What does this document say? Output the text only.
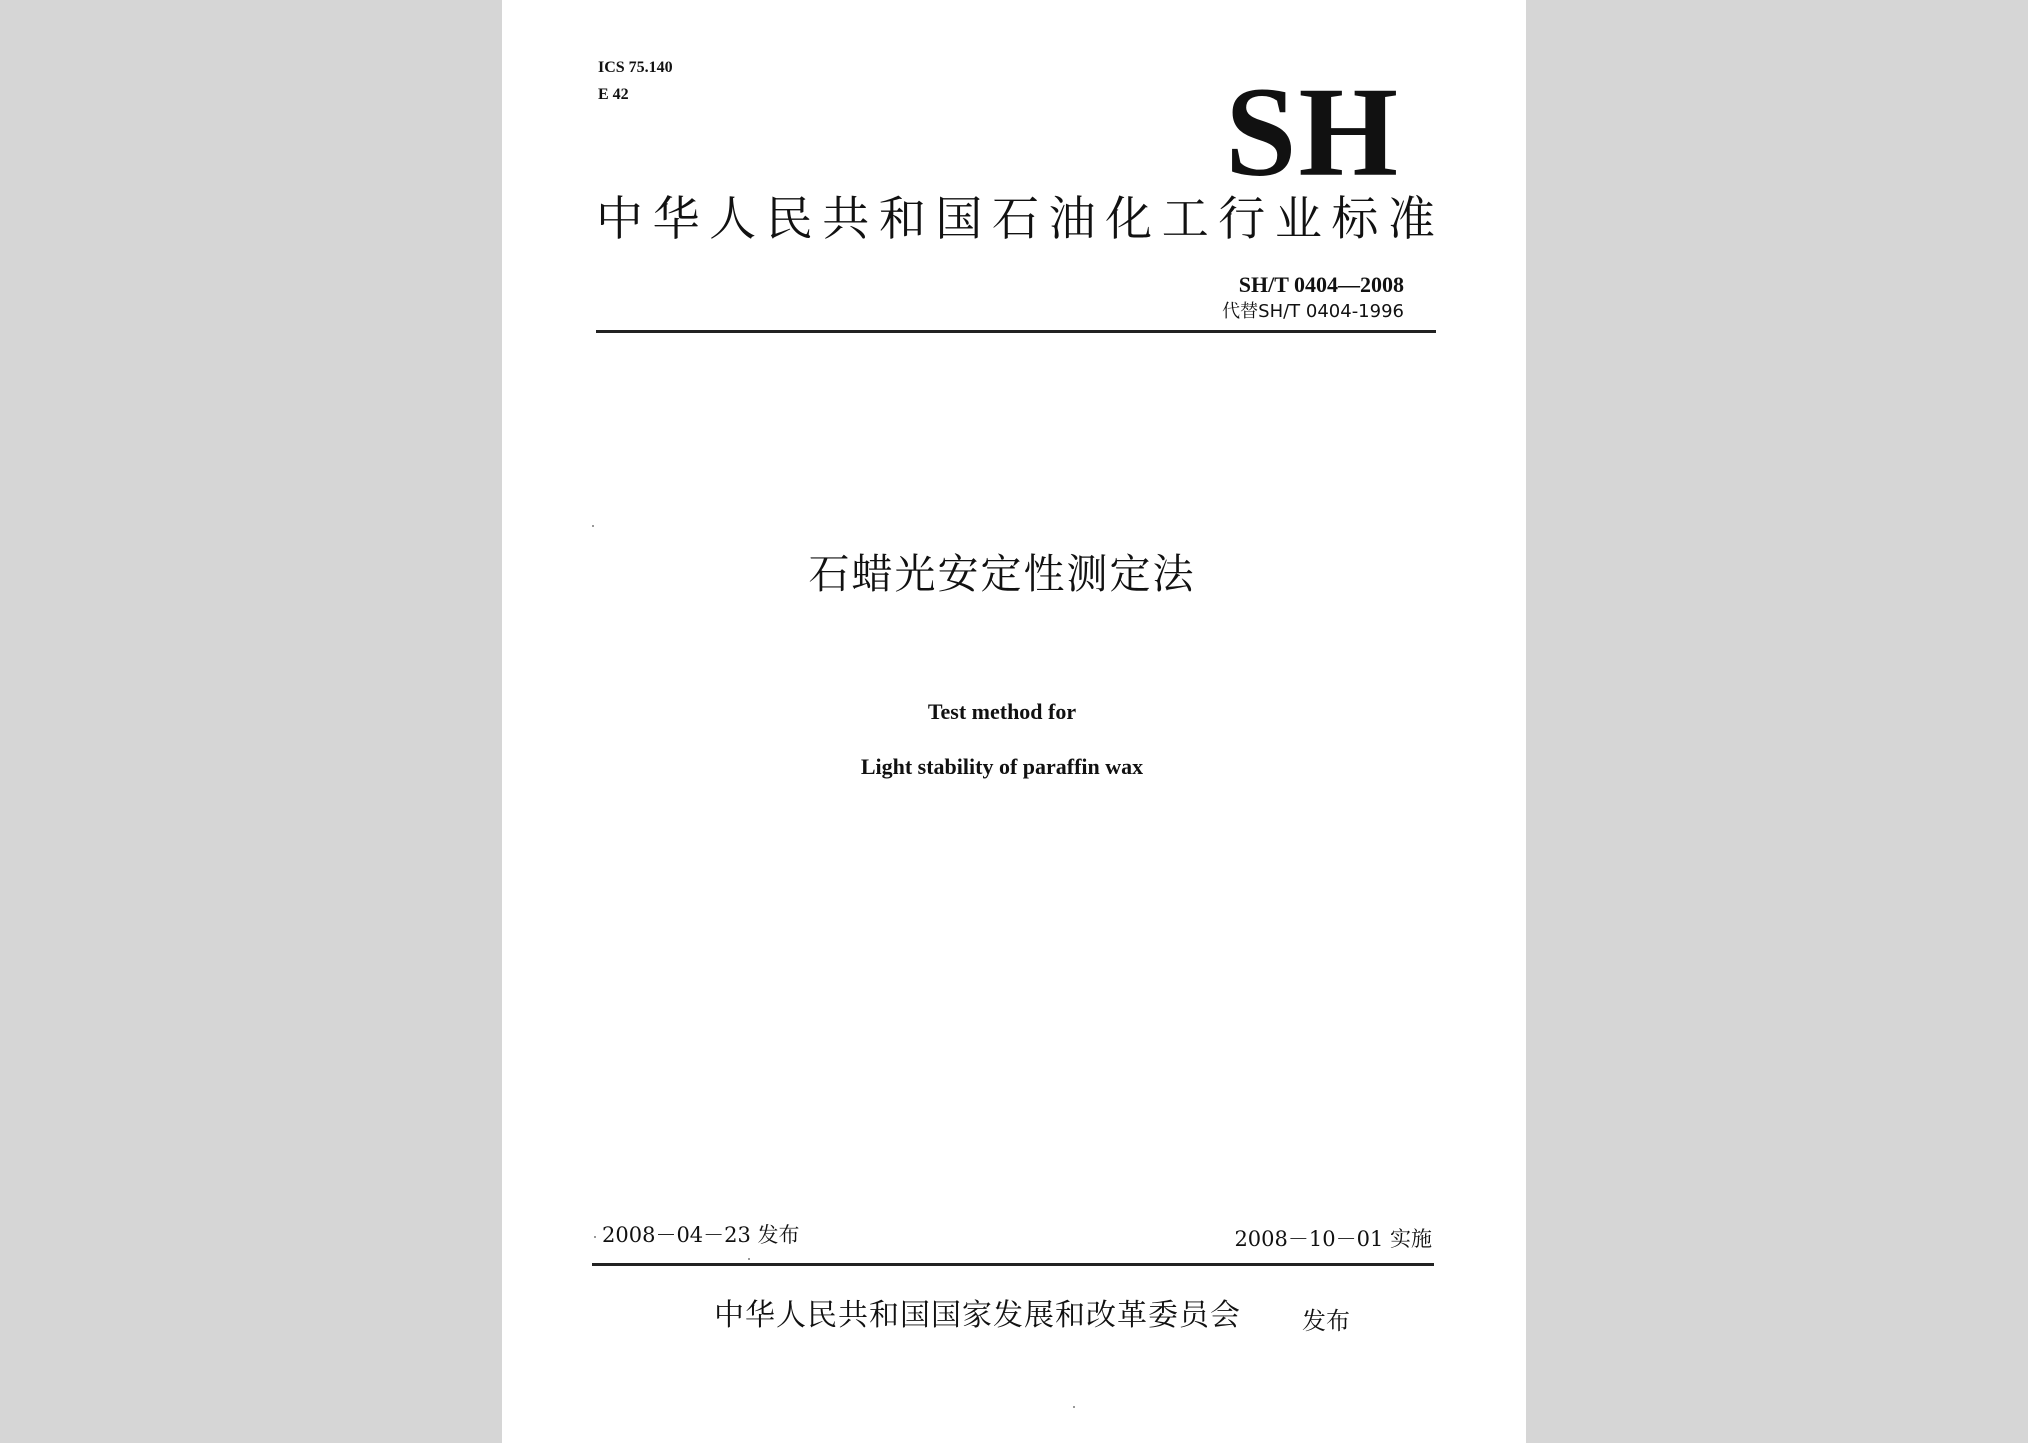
ICS 75.140
E 42	SH
中华人民共和国石油化工行业标准
SH/T 0404—2008
代替SH/T 0404-1996
石蜡光安定性测定法
Test method for
Light stability of paraffin wax
2008－04－23 发布	2008－10－01 实施
中华人民共和国国家发展和改革委员会	发布
